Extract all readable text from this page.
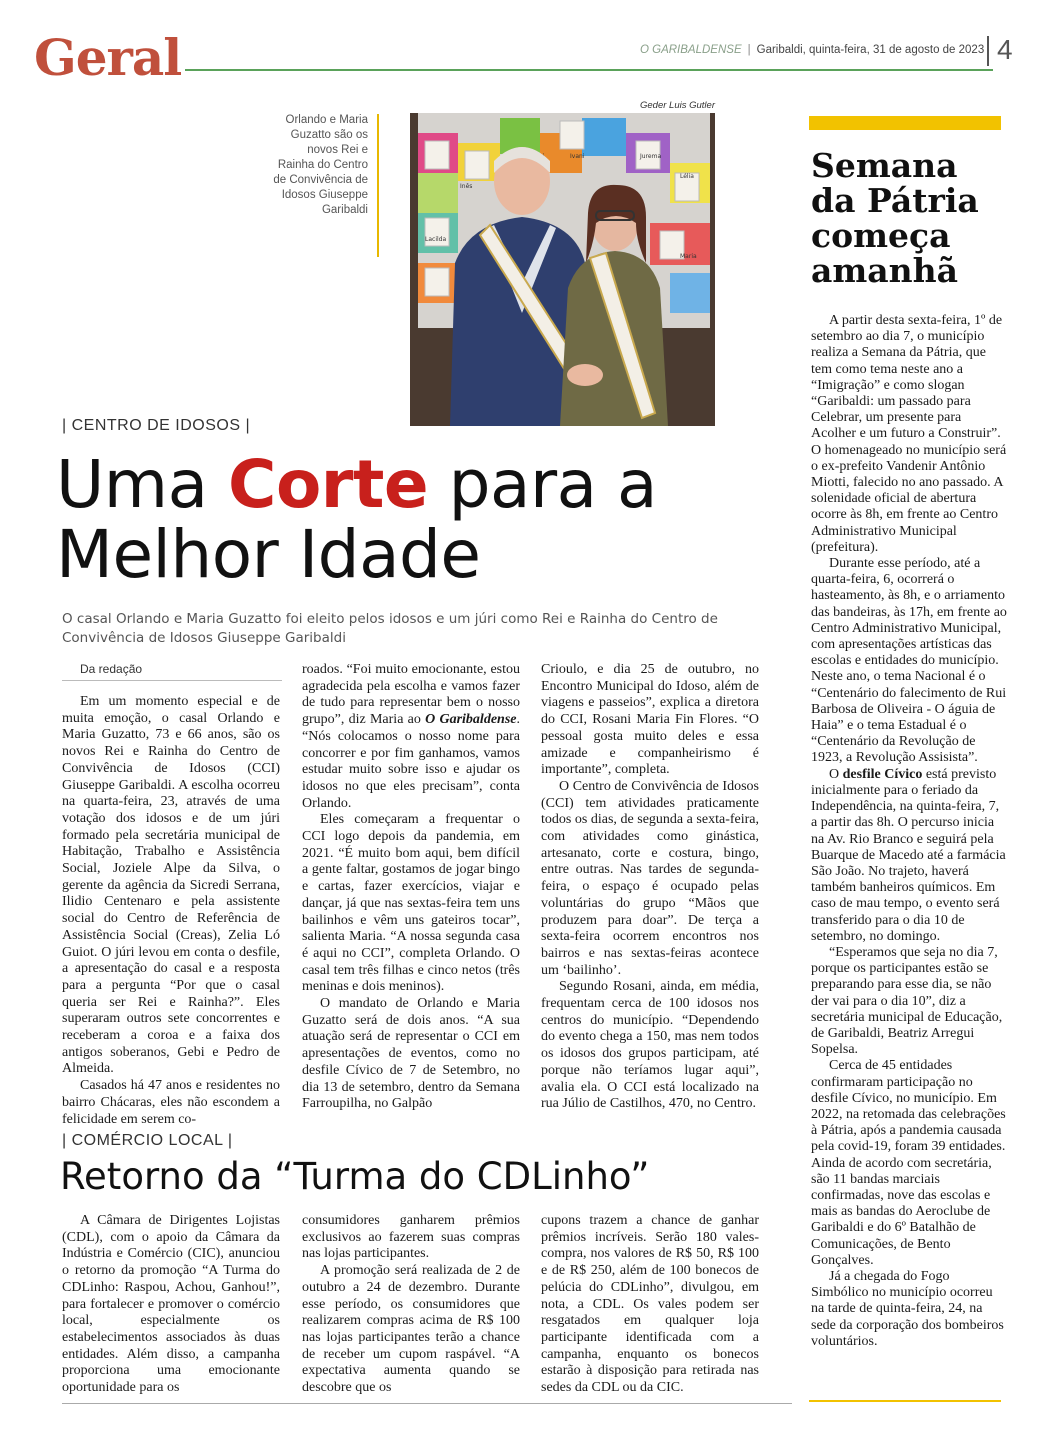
Geral	O GARIBALDENSE | Garibaldi, quinta-feira, 31 de agosto de 2023 4
Orlando e Maria Guzatto são os novos Rei e Rainha do Centro de Convivência de Idosos Giuseppe Garibaldi
Geder Luis Gutler
Ivani	Jurema
Inês
Lélia
Lacilda
Maria
| CENTRO DE IDOSOS |
Uma Corte para a Melhor Idade
O casal Orlando e Maria Guzatto foi eleito pelos idosos e um júri como Rei e Rainha do Centro de Convivência de Idosos Giuseppe Garibaldi
Da redação

Em um momento especial e de muita emoção, o casal Orlando e Maria Guzatto, 73 e 66 anos, são os novos Rei e Rainha do Centro de Convivência de Idosos (CCI) Giuseppe Garibaldi. A escolha ocorreu na quarta-feira, 23, através de uma votação dos idosos e de um júri formado pela secretária municipal de Habitação, Trabalho e Assistência Social, Joziele Alpe da Silva, o gerente da agência da Sicredi Serrana, Ilidio Centenaro e pela assistente social do Centro de Referência de Assistência Social (Creas), Zelia Ló Guiot. O júri levou em conta o desfile, a apresentação do casal e a resposta para a pergunta “Por que o casal queria ser Rei e Rainha?”. Eles superaram outros sete concorrentes e receberam a coroa e a faixa dos antigos soberanos, Gebi e Pedro de Almeida.

Casados há 47 anos e residentes no bairro Chácaras, eles não escondem a felicidade em serem co-

roados. “Foi muito emocionante, estou agradecida pela escolha e vamos fazer de tudo para representar bem o nosso grupo”, diz Maria ao O Garibaldense. “Nós colocamos o nosso nome para concorrer e por fim ganhamos, vamos estudar muito sobre isso e ajudar os idosos no que eles precisam”, conta Orlando.

Eles começaram a frequentar o CCI logo depois da pandemia, em 2021. “É muito bom aqui, bem difícil a gente faltar, gostamos de jogar bingo e cartas, fazer exercícios, viajar e dançar, já que nas sextas-feira tem uns bailinhos e vêm uns gateiros tocar”, salienta Maria. “A nossa segunda casa é aqui no CCI”, completa Orlando. O casal tem três filhas e cinco netos (três meninas e dois meninos).

O mandato de Orlando e Maria Guzatto será de dois anos. “A sua atuação será de representar o CCI em apresentações de eventos, como no desfile Cívico de 7 de Setembro, no dia 13 de setembro, dentro da Semana Farroupilha, no Galpão

Crioulo, e dia 25 de outubro, no Encontro Municipal do Idoso, além de viagens e passeios”, explica a diretora do CCI, Rosani Maria Fin Flores. “O pessoal gosta muito deles e essa amizade e companheirismo é importante”, completa.

O Centro de Convivência de Idosos (CCI) tem atividades praticamente todos os dias, de segunda a sexta-feira, com atividades como ginástica, artesanato, corte e costura, bingo, entre outras. Nas tardes de segunda-feira, o espaço é ocupado pelas voluntárias do grupo “Mãos que produzem para doar”. De terça a sexta-feira ocorrem encontros nos bairros e nas sextas-feiras acontece um ‘bailinho’.

Segundo Rosani, ainda, em média, frequentam cerca de 100 idosos nos centros do município. “Dependendo do evento chega a 150, mas nem todos os idosos dos grupos participam, até porque não teríamos lugar aqui”, avalia ela. O CCI está localizado na rua Júlio de Castilhos, 470, no Centro.

| COMÉRCIO LOCAL |
Retorno da “Turma do CDLinho”

A Câmara de Dirigentes Lojistas (CDL), com o apoio da Câmara da Indústria e Comércio (CIC), anunciou o retorno da promoção “A Turma do CDLinho: Raspou, Achou, Ganhou!”, para fortalecer e promover o comércio local, especialmente os estabelecimentos associados às duas entidades. Além disso, a campanha proporciona uma emocionante oportunidade para os

consumidores ganharem prêmios exclusivos ao fazerem suas compras nas lojas participantes.

A promoção será realizada de 2 de outubro a 24 de dezembro. Durante esse período, os consumidores que realizarem compras acima de R$ 100 nas lojas participantes terão a chance de receber um cupom raspável. “A expectativa aumenta quando se descobre que os

cupons trazem a chance de ganhar prêmios incríveis. Serão 180 vales-compra, nos valores de R$ 50, R$ 100 e de R$ 250, além de 100 bonecos de pelúcia do CDLinho”, divulgou, em nota, a CDL. Os vales podem ser resgatados em qualquer loja participante identificada com a campanha, enquanto os bonecos estarão à disposição para retirada nas sedes da CDL ou da CIC.

Semana da Pátria começa amanhã

A partir desta sexta-feira, 1º de setembro ao dia 7, o município realiza a Semana da Pátria, que tem como tema neste ano a “Imigração” e como slogan “Garibaldi: um passado para Celebrar, um presente para Acolher e um futuro a Construir”. O homenageado no município será o ex-prefeito Vandenir Antônio Miotti, falecido no ano passado. A solenidade oficial de abertura ocorre às 8h, em frente ao Centro Administrativo Municipal (prefeitura).

Durante esse período, até a quarta-feira, 6, ocorrerá o hasteamento, às 8h, e o arriamento das bandeiras, às 17h, em frente ao Centro Administrativo Municipal, com apresentações artísticas das escolas e entidades do município. Neste ano, o tema Nacional é o “Centenário do falecimento de Rui Barbosa de Oliveira - O águia de Haia” e o tema Estadual é o “Centenário da Revolução de 1923, a Revolução Assisista”.

O desfile Cívico está previsto inicialmente para o feriado da Independência, na quinta-feira, 7, a partir das 8h. O percurso inicia na Av. Rio Branco e seguirá pela Buarque de Macedo até a farmácia São João. No trajeto, haverá também banheiros químicos. Em caso de mau tempo, o evento será transferido para o dia 10 de setembro, no domingo.

“Esperamos que seja no dia 7, porque os participantes estão se preparando para esse dia, se não der vai para o dia 10”, diz a secretária municipal de Educação, de Garibaldi, Beatriz Arregui Sopelsa.

Cerca de 45 entidades confirmaram participação no desfile Cívico, no município. Em 2022, na retomada das celebrações à Pátria, após a pandemia causada pela covid-19, foram 39 entidades. Ainda de acordo com secretária, são 11 bandas marciais confirmadas, nove das escolas e mais as bandas do Aeroclube de Garibaldi e do 6º Batalhão de Comunicações, de Bento Gonçalves.

Já a chegada do Fogo Simbólico no município ocorreu na tarde de quinta-feira, 24, na sede da corporação dos bombeiros voluntários.
